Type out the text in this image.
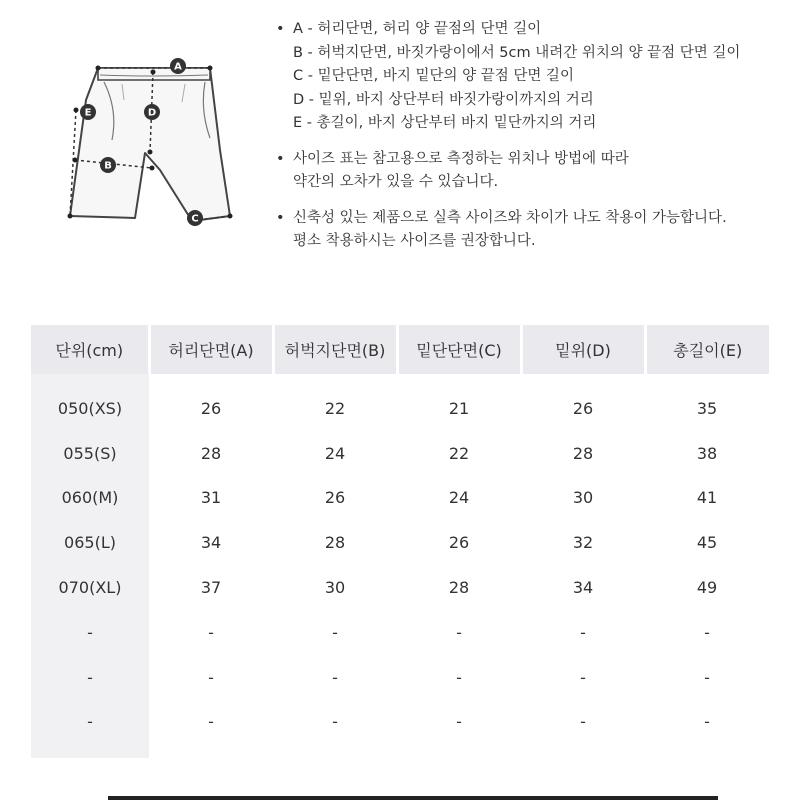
A
B
C
D
E
• A - 허리단면, 허리 양 끝점의 단면 길이
B - 허벅지단면, 바짓가랑이에서 5cm 내려간 위치의 양 끝점 단면 길이
C - 밑단단면, 바지 밑단의 양 끝점 단면 길이
D - 밑위, 바지 상단부터 바짓가랑이까지의 거리
E - 총길이, 바지 상단부터 바지 밑단까지의 거리
• 사이즈 표는 참고용으로 측정하는 위치나 방법에 따라
약간의 오차가 있을 수 있습니다.
• 신축성 있는 제품으로 실측 사이즈와 차이가 나도 착용이 가능합니다.
평소 착용하시는 사이즈를 권장합니다.
단위(cm)	허리단면(A)	허벅지단면(B)	밑단단면(C)	밑위(D)	총길이(E)

050(XS)	26	22	21	26	35
055(S)	28	24	22	28	38
060(M)	31	26	24	30	41
065(L)	34	28	26	32	45
070(XL)	37	30	28	34	49
-	-	-	-	-	-
-	-	-	-	-	-
-	-	-	-	-	-
